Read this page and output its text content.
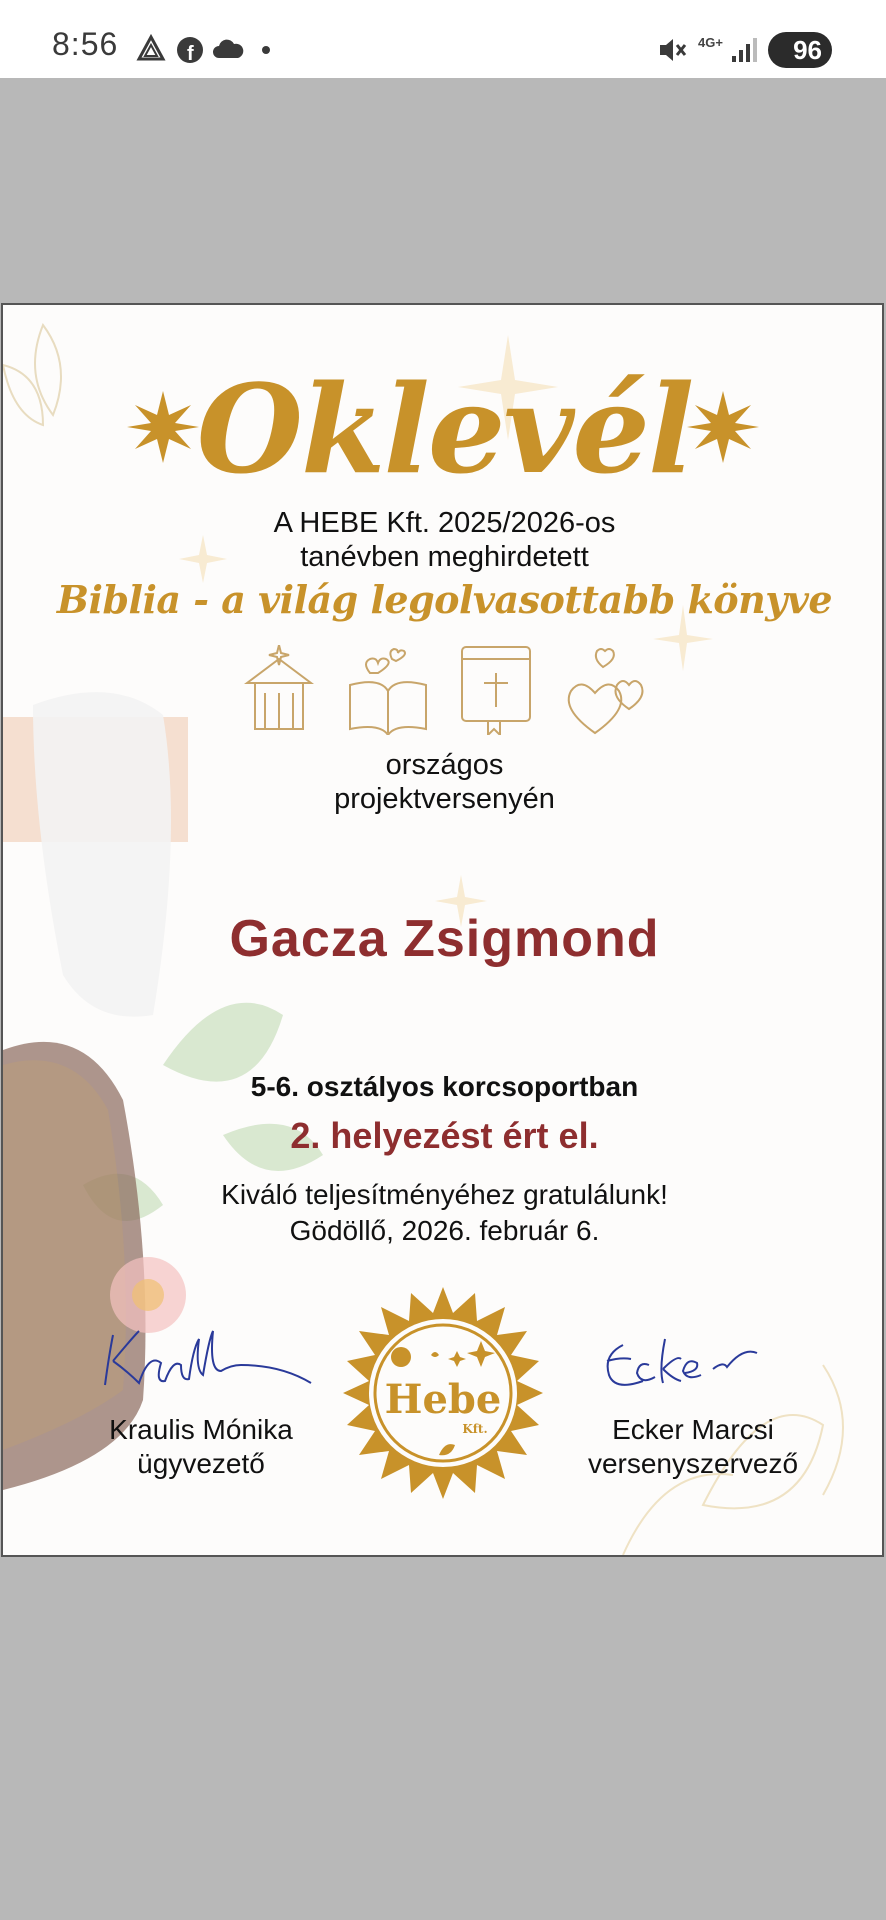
8:56	f
4G+	96
Oklevél
A HEBE Kft. 2025/2026-os
tanévben meghirdetett
Biblia - a világ legolvasottabb könyve
országos
projektversenyén
Gacza Zsigmond
5-6. osztályos korcsoportban
2. helyezést ért el.
Kiváló teljesítményéhez gratulálunk!
Gödöllő, 2026. február 6.
Kraulis Mónika
ügyvezető
Hebe
Kft.	Ecker Marcsi
versenyszervező
